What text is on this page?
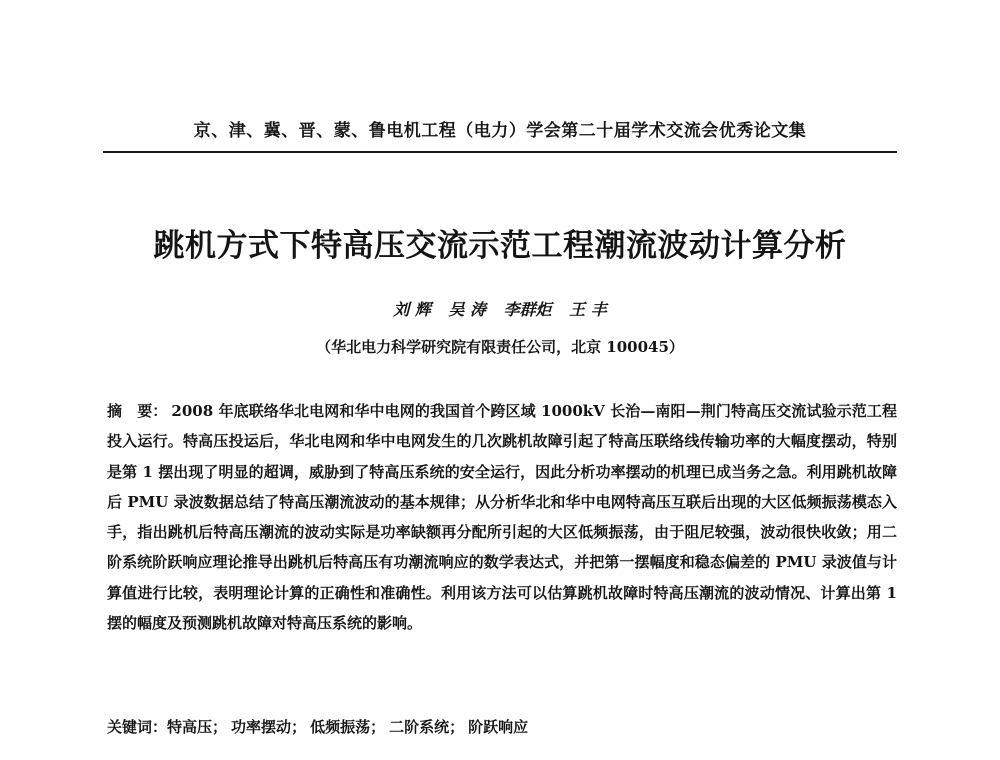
京、津、冀、晋、蒙、鲁电机工程（电力）学会第二十届学术交流会优秀论文集
跳机方式下特高压交流示范工程潮流波动计算分析
刘 辉 吴 涛 李群炬 王 丰
（华北电力科学研究院有限责任公司，北京 100045）
摘　要： 2008 年底联络华北电网和华中电网的我国首个跨区域 1000kV 长治—南阳—荆门特高压交流试验示范工程投入运行。特高压投运后，华北电网和华中电网发生的几次跳机故障引起了特高压联络线传输功率的大幅度摆动，特别是第 1 摆出现了明显的超调，威胁到了特高压系统的安全运行，因此分析功率摆动的机理已成当务之急。利用跳机故障后 PMU 录波数据总结了特高压潮流波动的基本规律；从分析华北和华中电网特高压互联后出现的大区低频振荡模态入手，指出跳机后特高压潮流的波动实际是功率缺额再分配所引起的大区低频振荡，由于阻尼较强，波动很快收敛；用二阶系统阶跃响应理论推导出跳机后特高压有功潮流响应的数学表达式，并把第一摆幅度和稳态偏差的 PMU 录波值与计算值进行比较，表明理论计算的正确性和准确性。利用该方法可以估算跳机故障时特高压潮流的波动情况、计算出第 1 摆的幅度及预测跳机故障对特高压系统的影响。
关键词：特高压； 功率摆动； 低频振荡； 二阶系统； 阶跃响应
